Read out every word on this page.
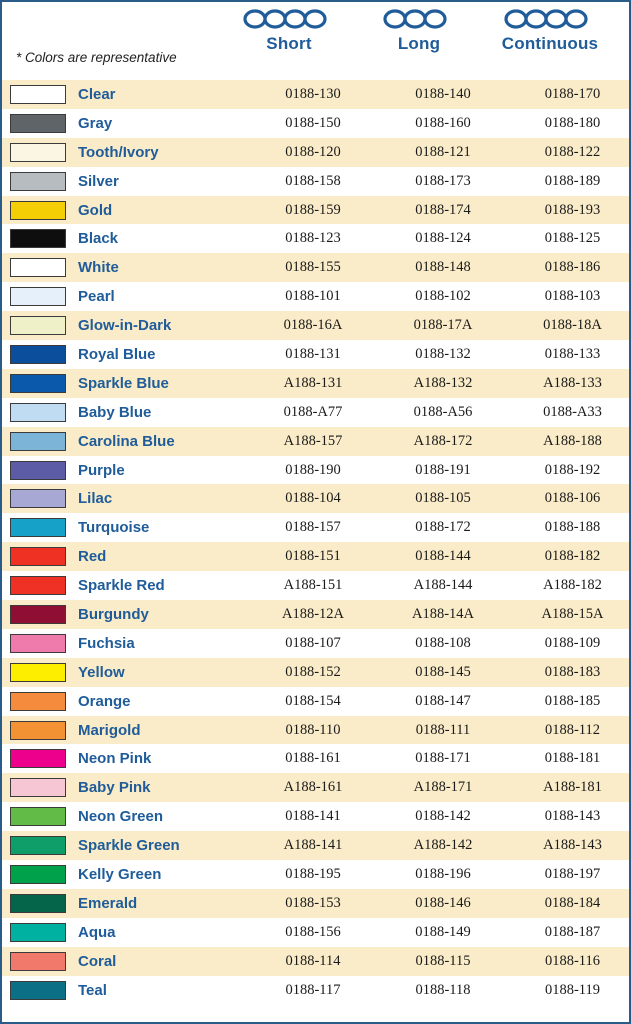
* Colors are representative
Short	Long	Continuous
Clear	0188-130	0188-140	0188-170
Gray	0188-150	0188-160	0188-180
Tooth/Ivory	0188-120	0188-121	0188-122
Silver	0188-158	0188-173	0188-189
Gold	0188-159	0188-174	0188-193
Black	0188-123	0188-124	0188-125
White	0188-155	0188-148	0188-186
Pearl	0188-101	0188-102	0188-103
Glow-in-Dark	0188-16A	0188-17A	0188-18A
Royal Blue	0188-131	0188-132	0188-133
Sparkle Blue	A188-131	A188-132	A188-133
Baby Blue	0188-A77	0188-A56	0188-A33
Carolina Blue	A188-157	A188-172	A188-188
Purple	0188-190	0188-191	0188-192
Lilac	0188-104	0188-105	0188-106
Turquoise	0188-157	0188-172	0188-188
Red	0188-151	0188-144	0188-182
Sparkle Red	A188-151	A188-144	A188-182
Burgundy	A188-12A	A188-14A	A188-15A
Fuchsia	0188-107	0188-108	0188-109
Yellow	0188-152	0188-145	0188-183
Orange	0188-154	0188-147	0188-185
Marigold	0188-110	0188-111	0188-112
Neon Pink	0188-161	0188-171	0188-181
Baby Pink	A188-161	A188-171	A188-181
Neon Green	0188-141	0188-142	0188-143
Sparkle Green	A188-141	A188-142	A188-143
Kelly Green	0188-195	0188-196	0188-197
Emerald	0188-153	0188-146	0188-184
Aqua	0188-156	0188-149	0188-187
Coral	0188-114	0188-115	0188-116
Teal	0188-117	0188-118	0188-119
